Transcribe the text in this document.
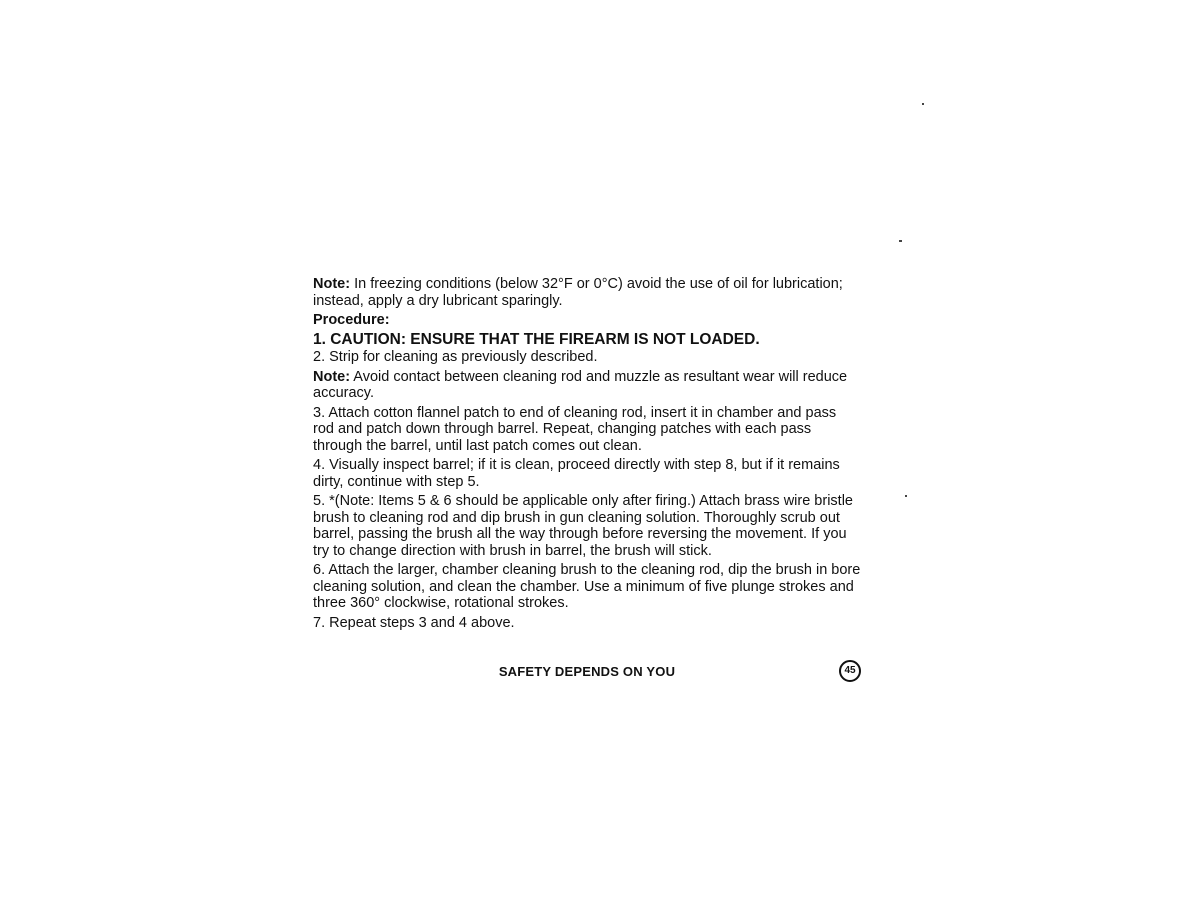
Note: In freezing conditions (below 32°F or 0°C) avoid the use of oil for lubrication; instead, apply a dry lubricant sparingly.

Procedure:

1. CAUTION: ENSURE THAT THE FIREARM IS NOT LOADED.

2. Strip for cleaning as previously described.

Note: Avoid contact between cleaning rod and muzzle as resultant wear will reduce accuracy.

3. Attach cotton flannel patch to end of cleaning rod, insert it in chamber and pass rod and patch down through barrel. Repeat, changing patches with each pass through the barrel, until last patch comes out clean.

4. Visually inspect barrel; if it is clean, proceed directly with step 8, but if it remains dirty, continue with step 5.

5. *(Note: Items 5 & 6 should be applicable only after firing.) Attach brass wire bristle brush to cleaning rod and dip brush in gun cleaning solution. Thoroughly scrub out barrel, passing the brush all the way through before reversing the movement. If you try to change direction with brush in barrel, the brush will stick.

6. Attach the larger, chamber cleaning brush to the cleaning rod, dip the brush in bore cleaning solution, and clean the chamber. Use a minimum of five plunge strokes and three 360° clockwise, rotational strokes.

7. Repeat steps 3 and 4 above.

SAFETY DEPENDS ON YOU	45
